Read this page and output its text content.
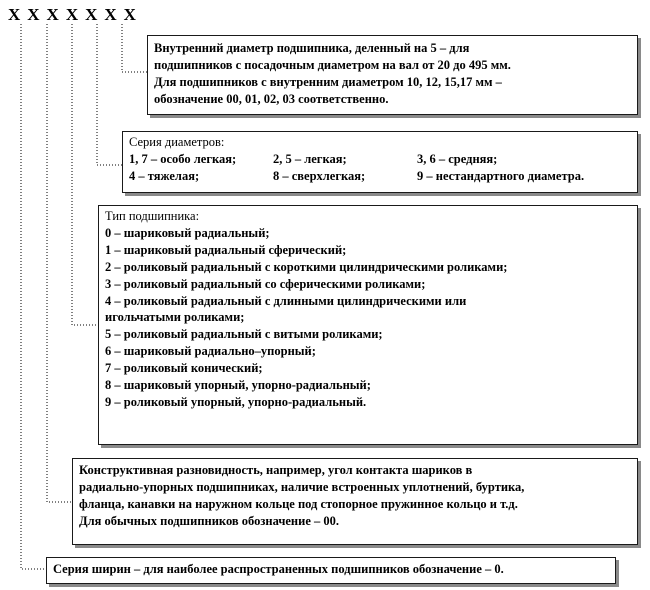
XXXXXXX
Внутренний диаметр подшипника, деленный на 5 – для
подшипников с посадочным диаметром на вал от 20 до 495 мм.
Для подшипников с внутренним диаметром 10, 12, 15,17 мм –
обозначение 00, 01, 02, 03 соответственно.
Серия диаметров:
1, 7 – особо легкая;	2, 5 – легкая;	3, 6 – средняя;
4 – тяжелая;	8 – сверхлегкая;	9 – нестандартного диаметра.
Тип подшипника:
0 – шариковый радиальный;
1 – шариковый радиальный сферический;
2 – роликовый радиальный с короткими цилиндрическими роликами;
3 – роликовый радиальный со сферическими роликами;
4 – роликовый радиальный с длинными цилиндрическими или
игольчатыми роликами;
5 – роликовый радиальный с витыми роликами;
6 – шариковый радиально–упорный;
7 – роликовый конический;
8 – шариковый упорный, упорно-радиальный;
9 – роликовый упорный, упорно-радиальный.
Конструктивная разновидность, например, угол контакта шариков в
радиально-упорных подшипниках, наличие встроенных уплотнений, буртика,
фланца, канавки на наружном кольце под стопорное пружинное кольцо и т.д.
Для обычных подшипников обозначение – 00.
Серия ширин – для наиболее распространенных подшипников обозначение – 0.
